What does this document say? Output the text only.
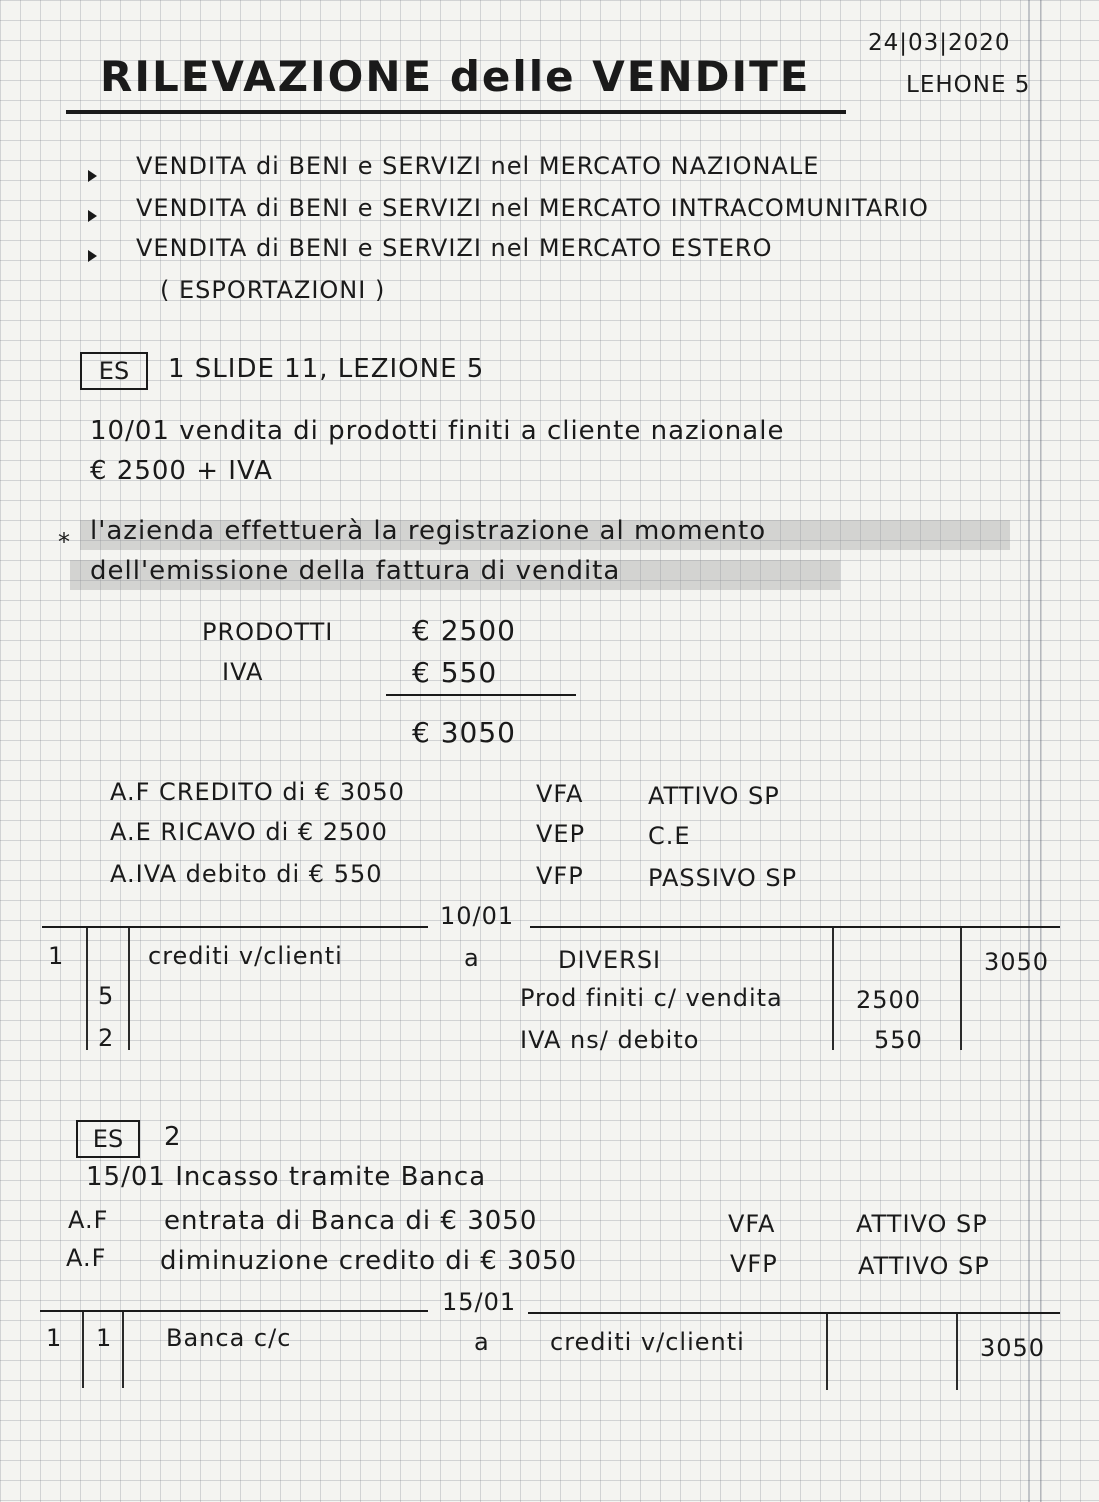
RILEVAZIONE delle VENDITE
24|03|2020
LEHONE 5
VENDITA di BENI e SERVIZI nel MERCATO NAZIONALE
VENDITA di BENI e SERVIZI nel MERCATO INTRACOMUNITARIO
VENDITA di BENI e SERVIZI nel MERCATO ESTERO
( ESPORTAZIONI )
ES	1 SLIDE 11, LEZIONE 5
10/01 vendita di prodotti finiti a cliente nazionale
€ 2500 + IVA
* l'azienda effettuerà la registrazione al momento
dell'emissione della fattura di vendita
PRODOTTI	€ 2500
IVA	€ 550
€ 3050
A.F CREDITO di € 3050	VFA	ATTIVO SP
A.E RICAVO di € 2500	VEP	C.E
A.IVA debito di € 550	VFP	PASSIVO SP
10/01
1	crediti v/clienti	a	DIVERSI	3050
5	Prod finiti c/ vendita	2500
2	IVA ns/ debito	550
ES	2
15/01 Incasso tramite Banca
A.F entrata di Banca di € 3050	VFA	ATTIVO SP
A.F diminuzione credito di € 3050	VFP	ATTIVO SP
15/01
1 1 Banca c/c	a	crediti v/clienti	3050
